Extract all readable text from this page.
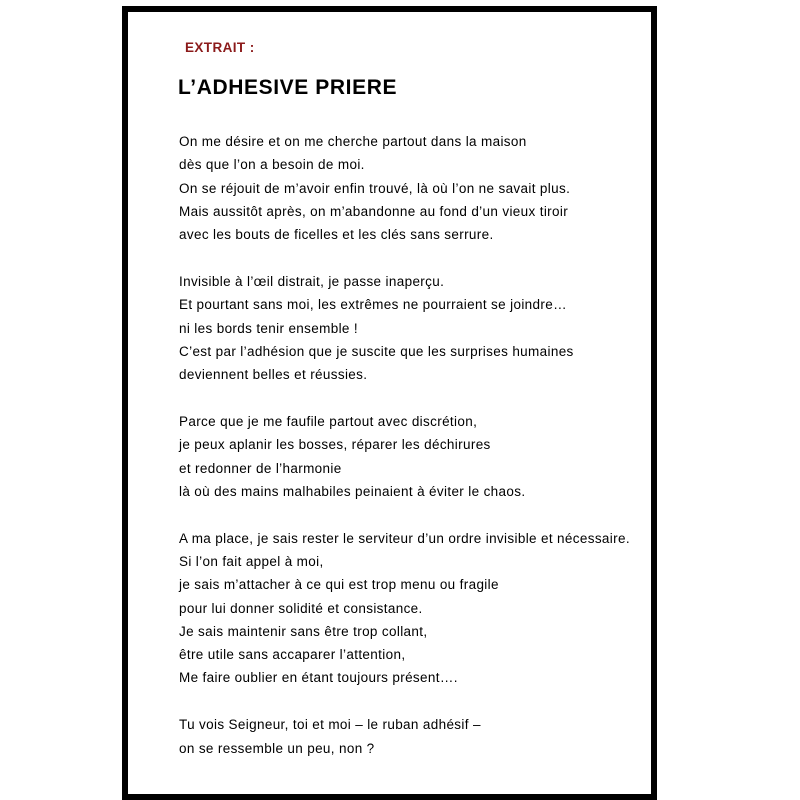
EXTRAIT :

L’ADHESIVE PRIERE
On me désire et on me cherche partout dans la maison
dès que l’on a besoin de moi.
On se réjouit de m’avoir enfin trouvé, là où l’on ne savait plus.
Mais aussitôt après, on m’abandonne au fond d’un vieux tiroir
avec les bouts de ficelles et les clés sans serrure.
Invisible à l’œil distrait, je passe inaperçu.
Et pourtant sans moi, les extrêmes ne pourraient se joindre…
ni les bords tenir ensemble !
C’est par l’adhésion que je suscite que les surprises humaines
deviennent belles et réussies.
Parce que je me faufile partout avec discrétion,
je peux aplanir les bosses, réparer les déchirures
et redonner de l’harmonie
là où des mains malhabiles peinaient à éviter le chaos.
A ma place, je sais rester le serviteur d’un ordre invisible et nécessaire.
Si l’on fait appel à moi,
je sais m’attacher à ce qui est trop menu ou fragile
pour lui donner solidité et consistance.
Je sais maintenir sans être trop collant,
être utile sans accaparer l’attention,
Me faire oublier en étant toujours présent….
Tu vois Seigneur, toi et moi – le ruban adhésif –
on se ressemble un peu, non ?
